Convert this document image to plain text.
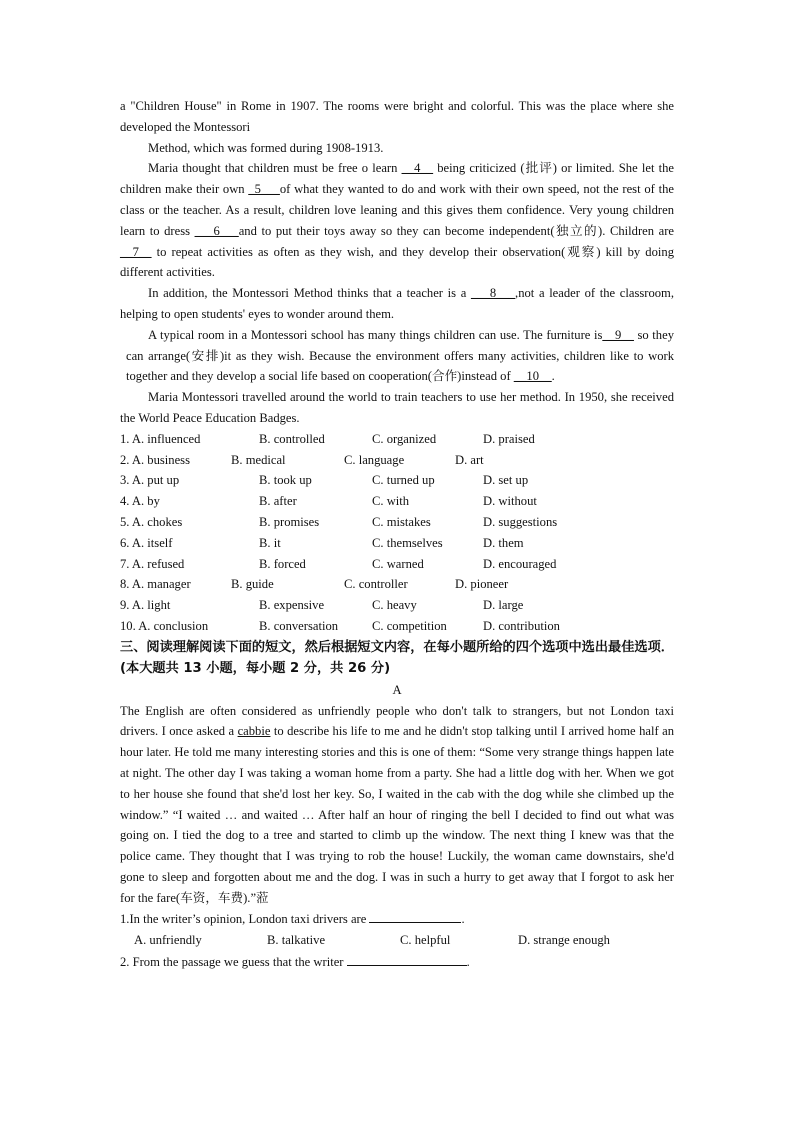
a "Children House" in Rome in 1907. The rooms were bright and colorful. This was the place where she developed the Montessori

Method, which was formed during 1908-1913.

Maria thought that children must be free o learn __4__ being criticized (批评) or limited. She let the children make their own _5___of what they wanted to do and work with their own speed, not the rest of the class or the teacher. As a result, children love leaning and this gives them confidence. Very young children learn to dress ___6___and to put their toys away so they can become independent(独立的). Children are __7__ to repeat activities as often as they wish, and they develop their observation(观察) kill by doing different activities.

In addition, the Montessori Method thinks that a teacher is a ___8___,not a leader of the classroom, helping to open students' eyes to wonder around them.

A typical room in a Montessori school has many things children can use. The furniture is__9__ so they can arrange(安排)it as they wish. Because the environment offers many activities, children like to work together and they develop a social life based on cooperation(合作)instead of __10__.

Maria Montessori travelled around the world to train teachers to use her method. In 1950, she received the World Peace Education Badges.

1. A. influenced	B. controlled	C. organized	D. praised
2. A. business	B. medical	C. language	D. art
3. A. put up	B. took up	C. turned up	D. set up
4. A. by	B. after	C. with	D. without
5. A. chokes	B. promises	C. mistakes	D. suggestions
6. A. itself	B. it	C. themselves	D. them
7. A. refused	B. forced	C. warned	D. encouraged
8. A. manager	B. guide	C. controller	D. pioneer
9. A. light	B. expensive	C. heavy	D. large
10. A. conclusion	B. conversation	C. competition	D. contribution

三、阅读理解阅读下面的短文，然后根据短文内容，在每小题所给的四个选项中选出最佳选项．(本大题共 13 小题，每小题 2 分，共 26 分)

A

The English are often considered as unfriendly people who don't talk to strangers, but not London taxi drivers. I once asked a cabbie to describe his life to me and he didn't stop talking until I arrived home half an hour later. He told me many interesting stories and this is one of them: “Some very strange things happen late at night. The other day I was taking a woman home from a party. She had a little dog with her. When we got to her house she found that she'd lost her key. So, I waited in the cab with the dog while she climbed up the window.” “I waited … and waited … After half an hour of ringing the bell I decided to find out what was going on. I tied the dog to a tree and started to climb up the window. The next thing I knew was that the police came. They thought that I was trying to rob the house! Luckily, the woman came downstairs, she'd gone to sleep and forgotten about me and the dog. I was in such a hurry to get away that I forgot to ask her for the fare(车资，车费).”蒞

1.In the writer’s opinion, London taxi drivers are	.

A. unfriendly	B. talkative	C. helpful	D. strange enough

2. From the passage we guess that the writer	.
